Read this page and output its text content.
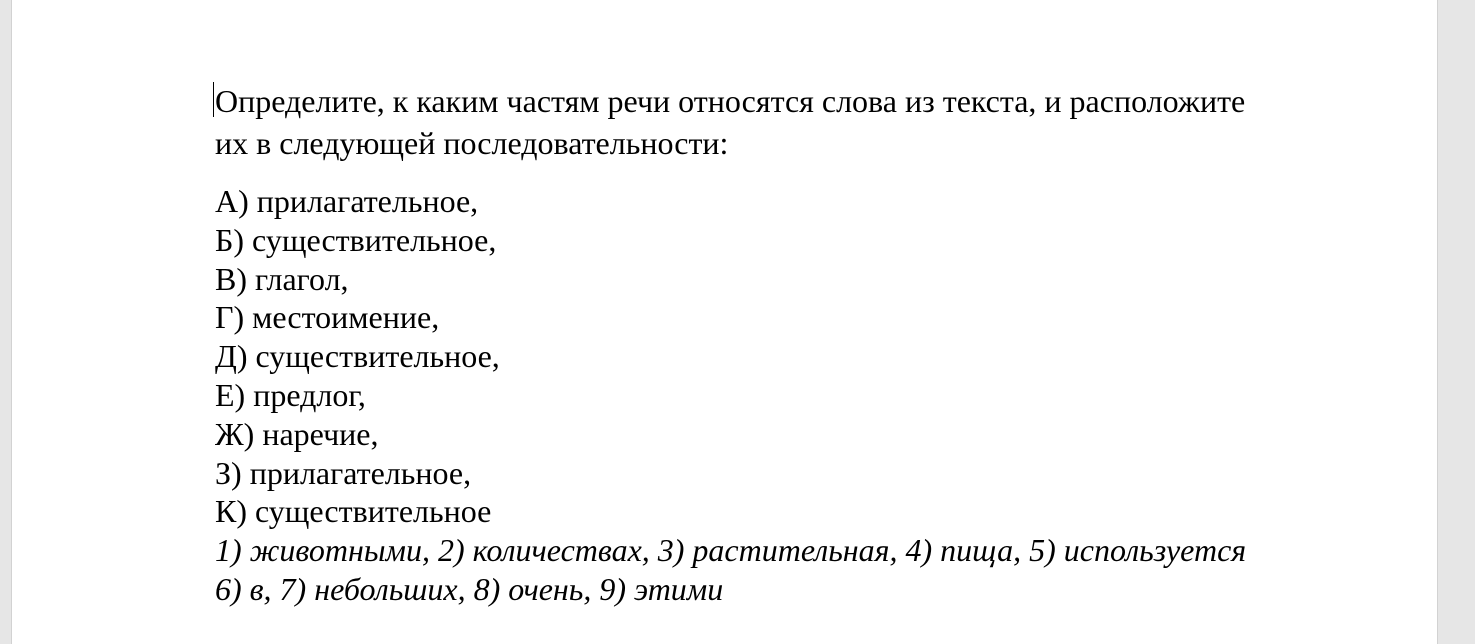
Определите, к каким частям речи относятся слова из текста, и расположите
их в следующей последовательности:

А) прилагательное,
Б) существительное,
В) глагол,
Г) местоимение,
Д) существительное,
Е) предлог,
Ж) наречие,
З) прилагательное,
К) существительное

1) животными, 2) количествах, 3) растительная, 4) пища, 5) используется
6) в, 7) небольших, 8) очень, 9) этими
